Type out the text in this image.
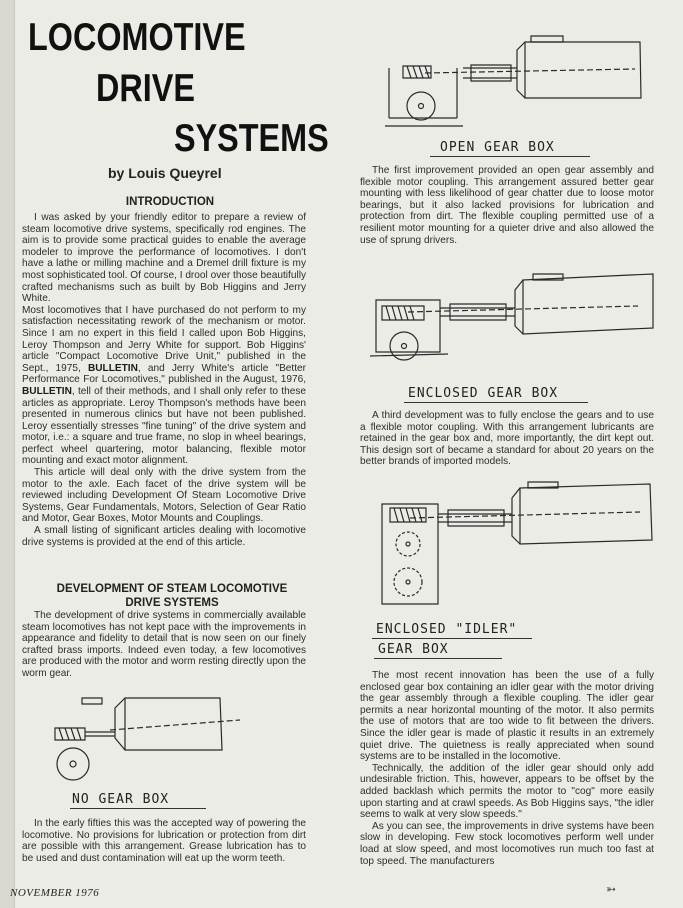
LOCOMOTIVE
DRIVE
SYSTEMS
by Louis Queyrel
INTRODUCTION

I was asked by your friendly editor to prepare a review of steam locomotive drive systems, specifically rod engines. The aim is to provide some practical guides to enable the average modeler to improve the performance of locomotives. I don't have a lathe or milling machine and a Dremel drill fixture is my most sophisticated tool. Of course, I drool over those beautifully crafted mechanisms such as built by Bob Higgins and Jerry White.

Most locomotives that I have purchased do not perform to my satisfaction necessitating rework of the mechanism or motor. Since I am no expert in this field I called upon Bob Higgins, Leroy Thompson and Jerry White for support. Bob Higgins' article "Compact Locomotive Drive Unit," published in the Sept., 1975, BULLETIN, and Jerry White's article "Better Performance For Locomotives," published in the August, 1976, BULLETIN, tell of their methods, and I shall only refer to these articles as appropriate. Leroy Thompson's methods have been presented in numerous clinics but have not been published. Leroy essentially stresses "fine tuning" of the drive system and motor, i.e.: a square and true frame, no slop in wheel bearings, perfect wheel quartering, motor balancing, flexible motor mounting and exact motor alignment.

This article will deal only with the drive system from the motor to the axle. Each facet of the drive system will be reviewed including Development Of Steam Locomotive Drive Systems, Gear Fundamentals, Motors, Selection of Gear Ratio and Motor, Gear Boxes, Motor Mounts and Couplings.

A small listing of significant articles dealing with locomotive drive systems is provided at the end of this article.

DEVELOPMENT OF STEAM LOCOMOTIVE
DRIVE SYSTEMS

The development of drive systems in commercially available steam locomotives has not kept pace with the improvements in appearance and fidelity to detail that is now seen on our finely crafted brass imports. Indeed even today, a few locomotives are produced with the motor and worm resting directly upon the worm gear.

NO GEAR BOX

In the early fifties this was the accepted way of powering the locomotive. No provisions for lubrication or protection from dirt are possible with this arrangement. Grease lubrication has to be used and dust contamination will eat up the worm teeth.

OPEN GEAR BOX

The first improvement provided an open gear assembly and flexible motor coupling. This arrangement assured better gear mounting with less likelihood of gear chatter due to loose motor bearings, but it also lacked provisions for lubrication and protection from dirt. The flexible coupling permitted use of a resilient motor mounting for a quieter drive and also allowed the use of sprung drivers.

ENCLOSED GEAR BOX

A third development was to fully enclose the gears and to use a flexible motor coupling. With this arrangement lubricants are retained in the gear box and, more importantly, the dirt kept out. This design sort of became a standard for about 20 years on the better brands of imported models.

ENCLOSED "IDLER"
GEAR BOX

The most recent innovation has been the use of a fully enclosed gear box containing an idler gear with the motor driving the gear assembly through a flexible coupling. The idler gear permits a near horizontal mounting of the motor. It also permits the use of motors that are too wide to fit between the drivers. Since the idler gear is made of plastic it results in an extremely quiet drive. The quietness is really appreciated when sound systems are to be installed in the locomotive.

Technically, the addition of the idler gear should only add undesirable friction. This, however, appears to be offset by the added backlash which permits the motor to "cog" more easily upon starting and at crawl speeds. As Bob Higgins says, "the idler seems to walk at very slow speeds."

As you can see, the improvements in drive systems have been slow in developing. Few stock locomotives perform well under load at slow speed, and most locomotives run much too fast at top speed. The manufacturers

NOVEMBER 1976	➳
